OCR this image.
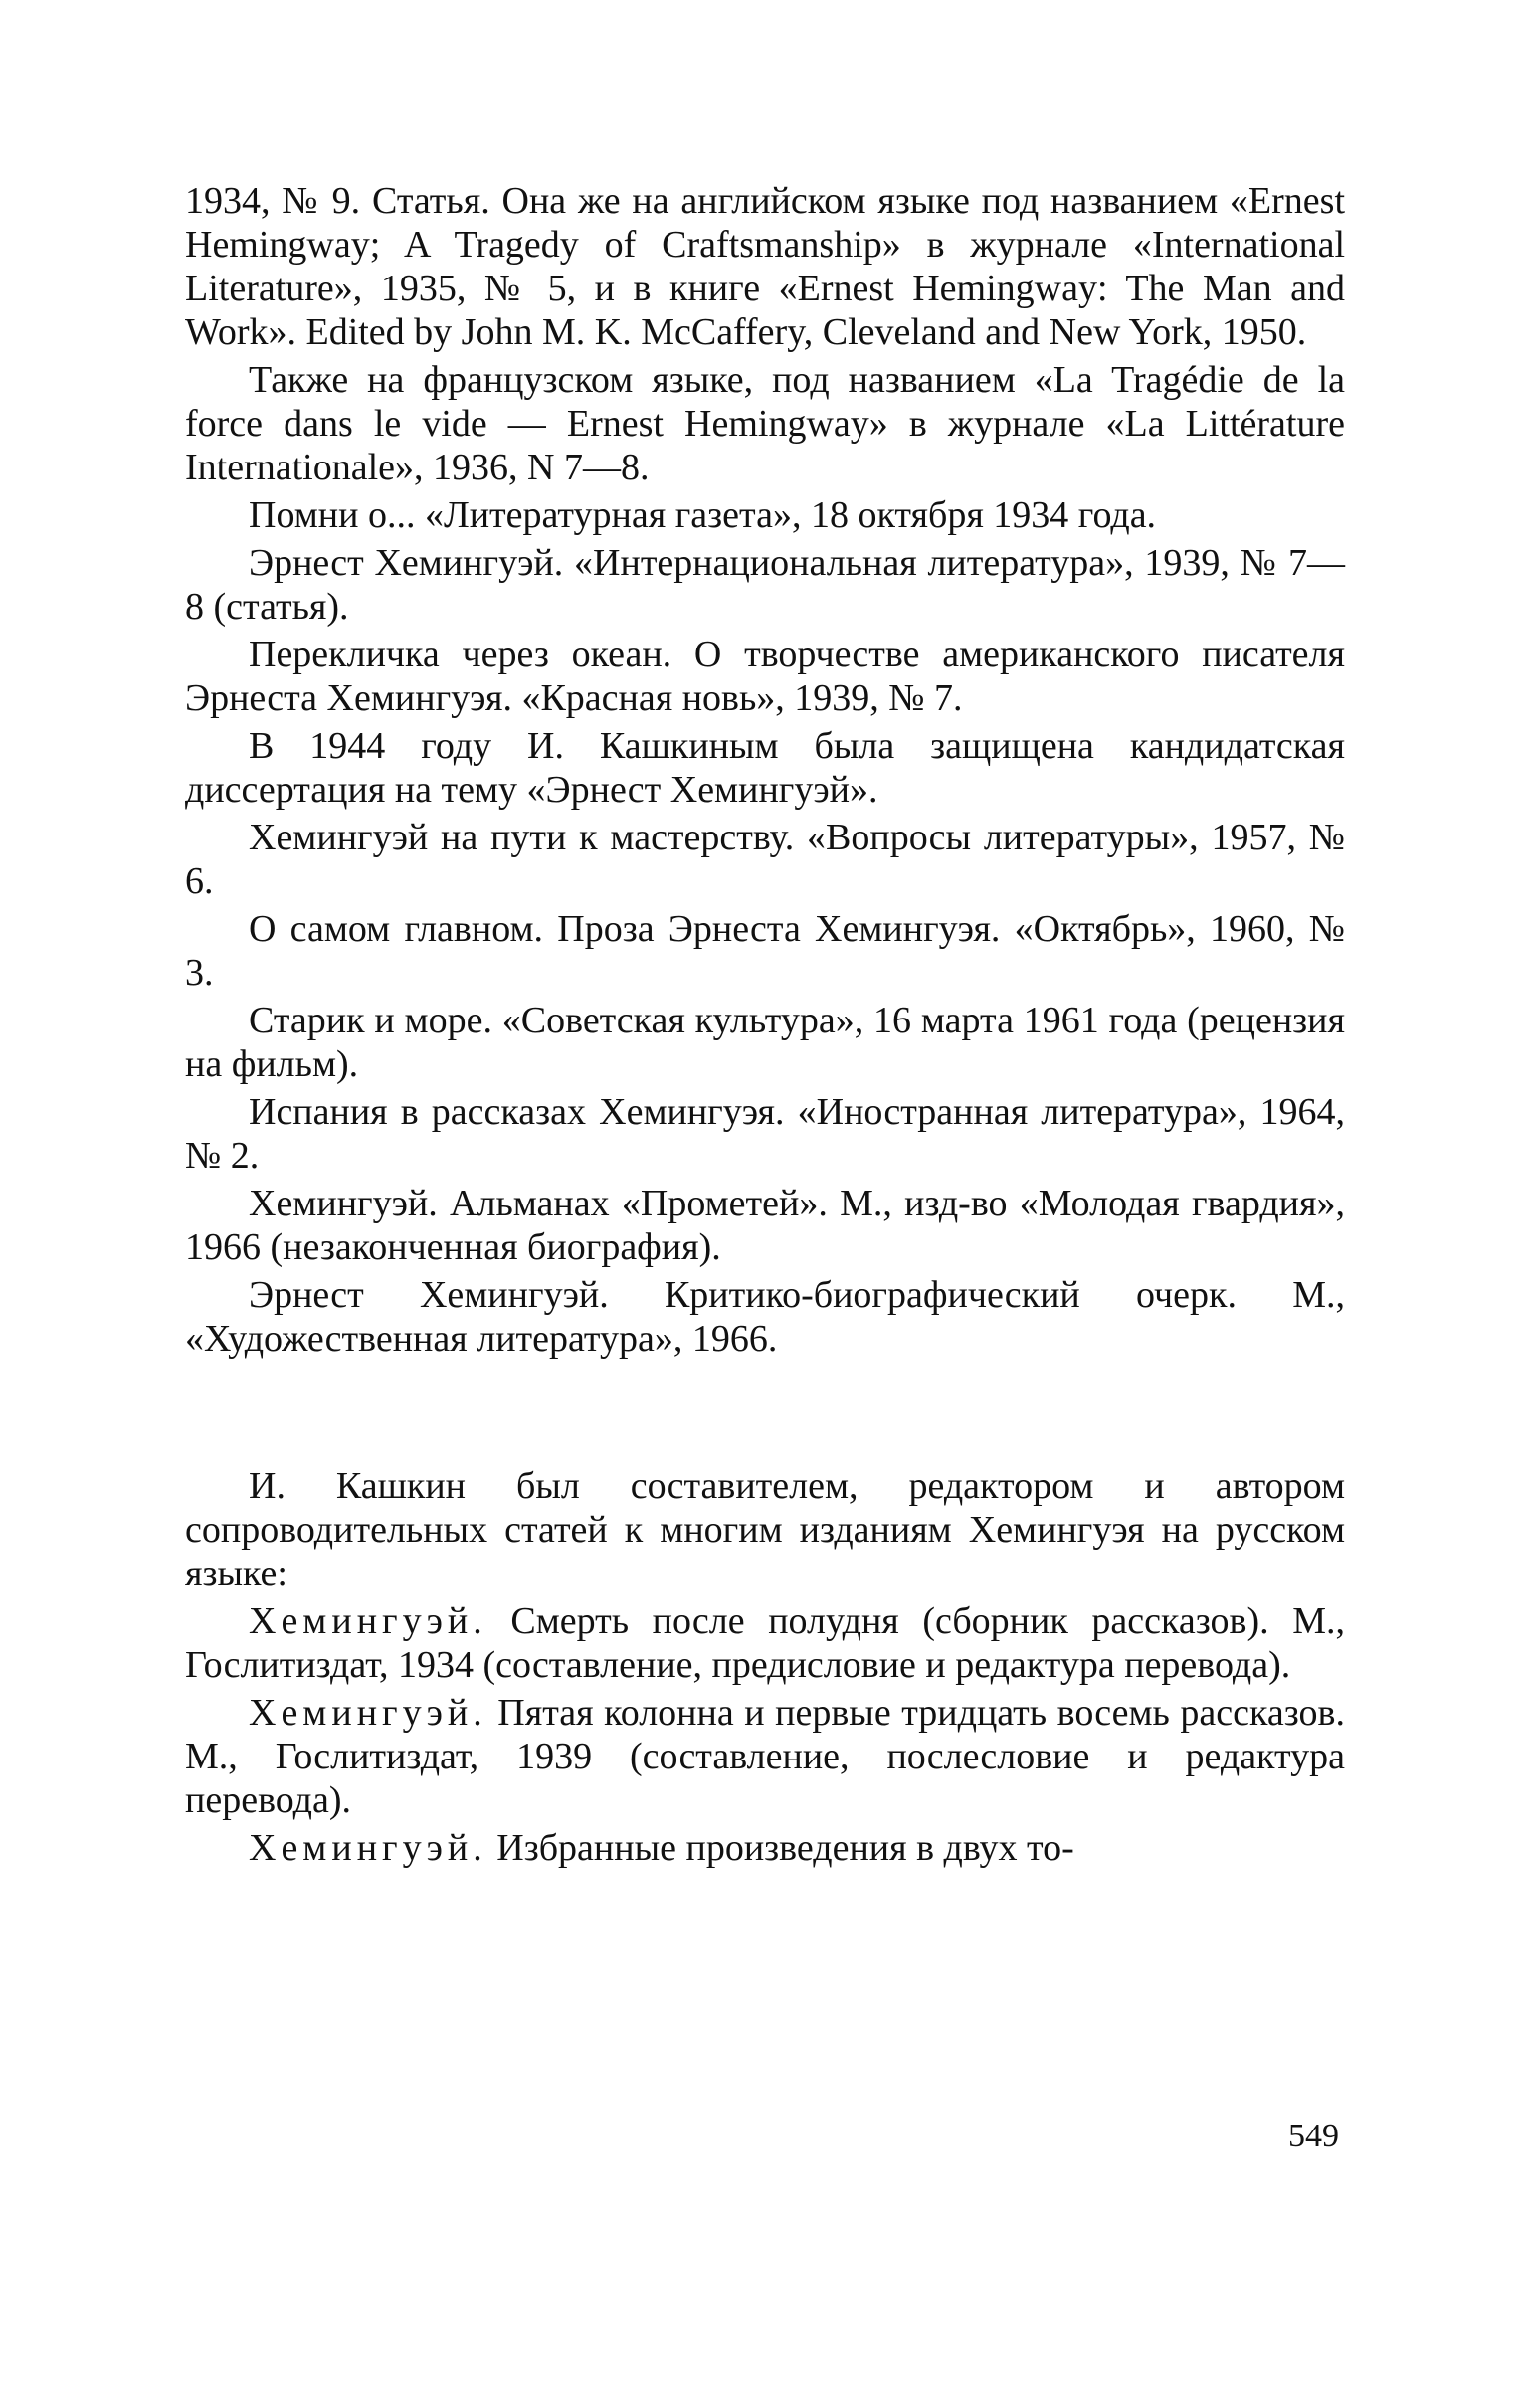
1934, № 9. Статья. Она же на английском языке под названием «Ernest Hemingway; A Tragedy of Craftsmanship» в журнале «International Literature», 1935, № 5, и в книге «Ernest Hemingway: The Man and Work». Edited by John M. K. McCaffery, Cleveland and New York, 1950.

Также на французском языке, под названием «La Tragédie de la force dans le vide — Ernest Hemingway» в журнале «La Littérature Internationale», 1936, N 7—8.

Помни о... «Литературная газета», 18 октября 1934 года.

Эрнест Хемингуэй. «Интернациональная литература», 1939, № 7—8 (статья).

Перекличка через океан. О творчестве американского писателя Эрнеста Хемингуэя. «Красная новь», 1939, № 7.

В 1944 году И. Кашкиным была защищена кандидатская диссертация на тему «Эрнест Хемингуэй».

Хемингуэй на пути к мастерству. «Вопросы литературы», 1957, № 6.

О самом главном. Проза Эрнеста Хемингуэя. «Октябрь», 1960, № 3.

Старик и море. «Советская культура», 16 марта 1961 года (рецензия на фильм).

Испания в рассказах Хемингуэя. «Иностранная литература», 1964, № 2.

Хемингуэй. Альманах «Прометей». М., изд-во «Молодая гвардия», 1966 (незаконченная биография).

Эрнест Хемингуэй. Критико-биографический очерк. М., «Художественная литература», 1966.

И. Кашкин был составителем, редактором и автором сопроводительных статей к многим изданиям Хемингуэя на русском языке:

Хемингуэй. Смерть после полудня (сборник рассказов). М., Гослитиздат, 1934 (составление, предисловие и редактура перевода).

Хемингуэй. Пятая колонна и первые тридцать восемь рассказов. М., Гослитиздат, 1939 (составление, послесловие и редактура перевода).

Хемингуэй. Избранные произведения в двух то-

549
